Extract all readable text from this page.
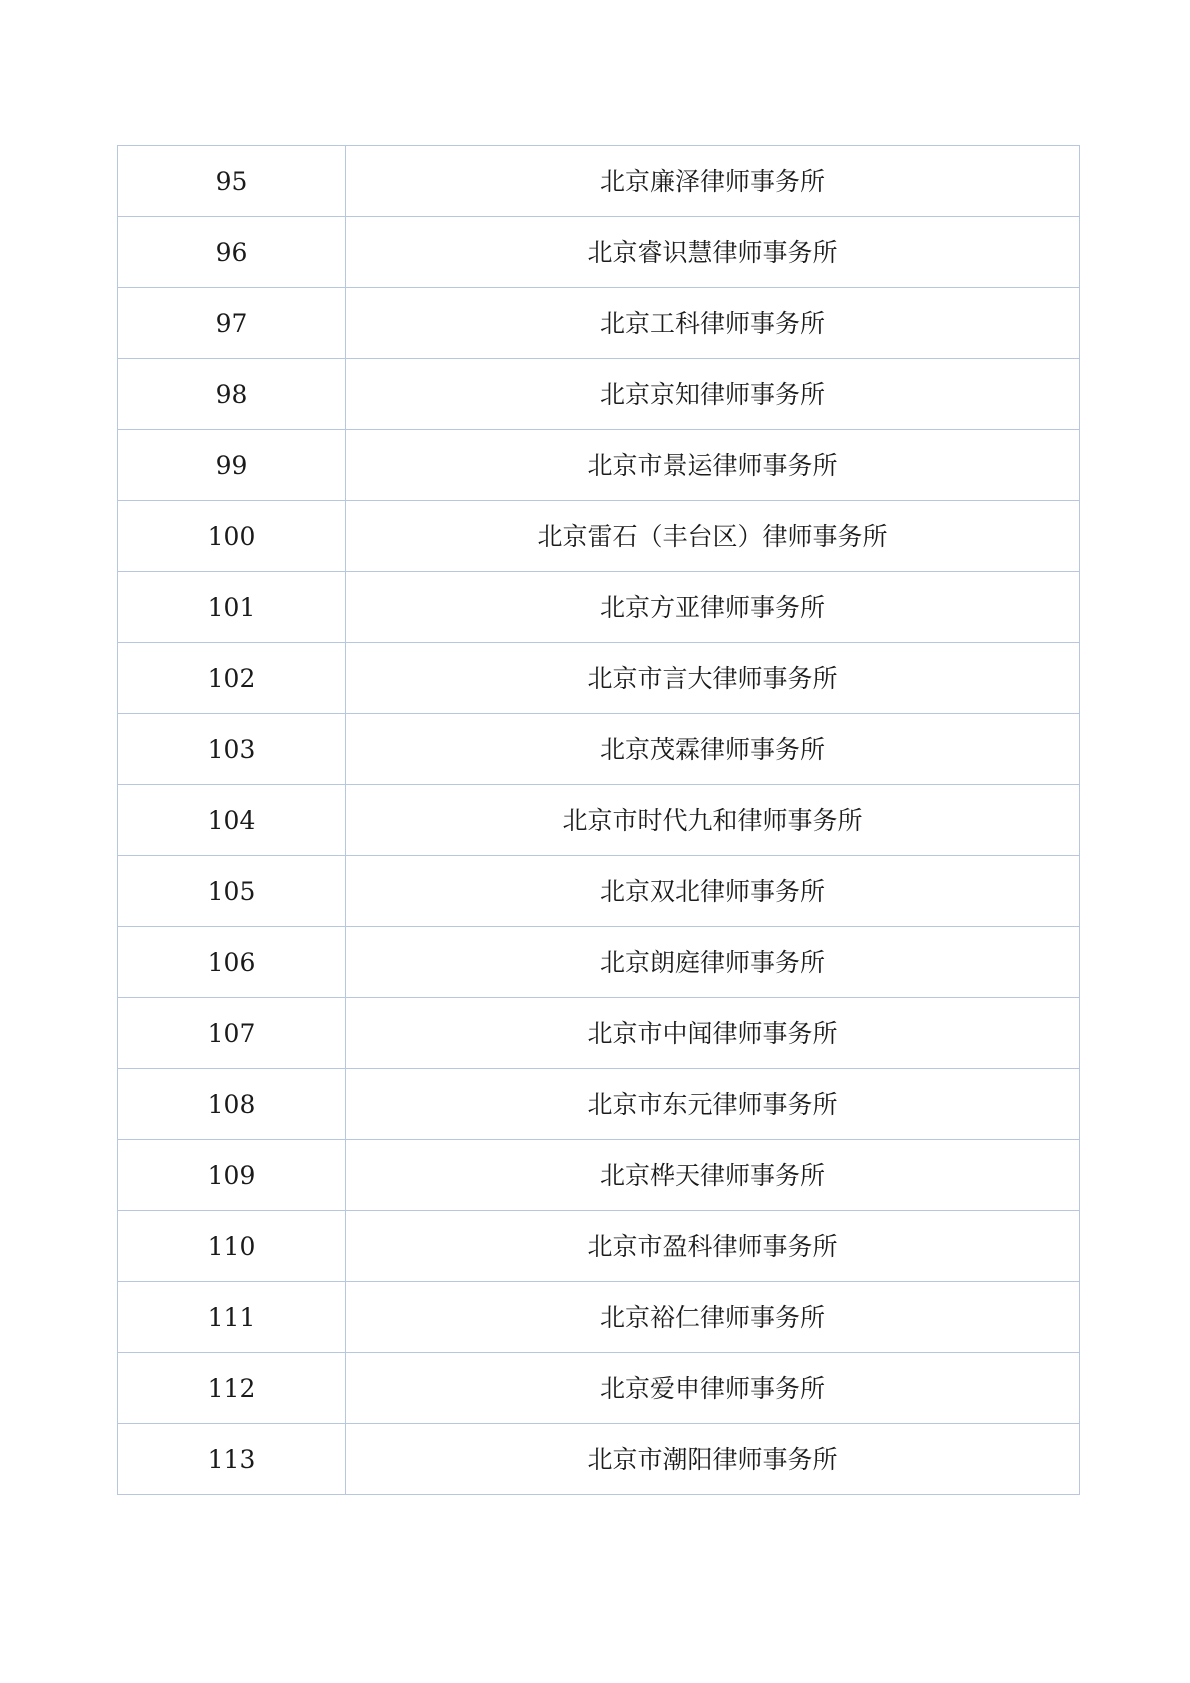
95	北京廉泽律师事务所
96	北京睿识慧律师事务所
97	北京工科律师事务所
98	北京京知律师事务所
99	北京市景运律师事务所
100	北京雷石（丰台区）律师事务所
101	北京方亚律师事务所
102	北京市言大律师事务所
103	北京茂霖律师事务所
104	北京市时代九和律师事务所
105	北京双北律师事务所
106	北京朗庭律师事务所
107	北京市中闻律师事务所
108	北京市东元律师事务所
109	北京桦天律师事务所
110	北京市盈科律师事务所
111	北京裕仁律师事务所
112	北京爱申律师事务所
113	北京市潮阳律师事务所
